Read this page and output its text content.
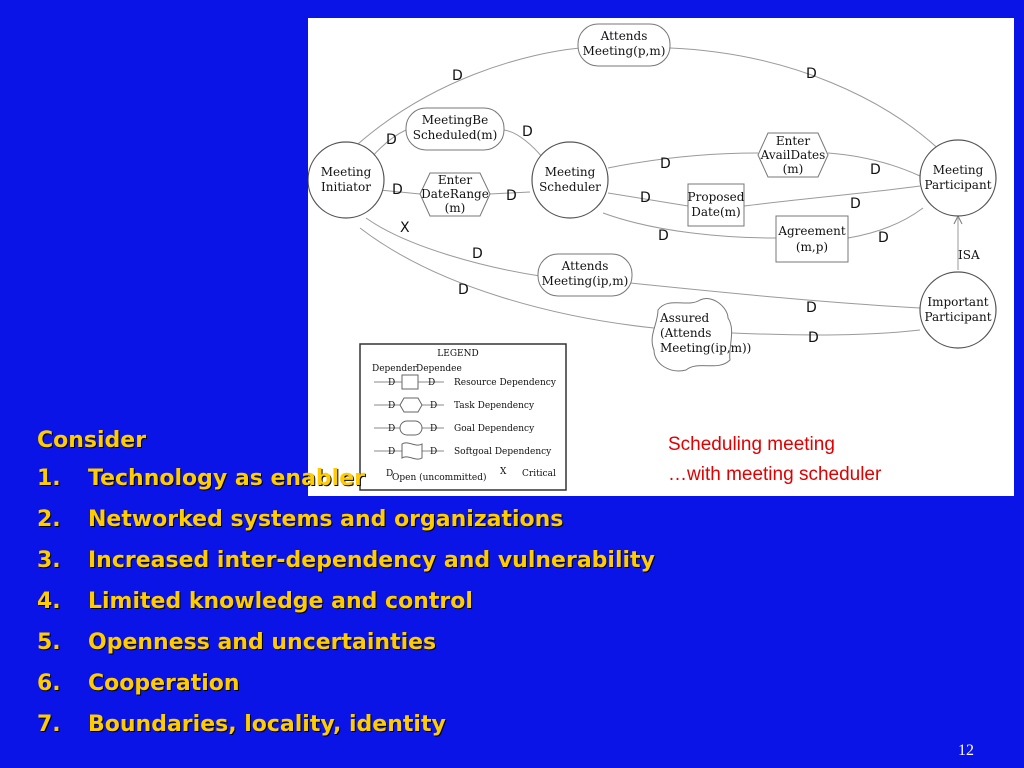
D	D
D	D
D	D
D	D
D	D
D	D
D
D
D
D
X
Meeting
Initiator
Meeting
Scheduler
Meeting
Participant
Important
Participant
ISA
Attends
Meeting(p,m)
MeetingBe
Scheduled(m)
Enter
DateRange
(m)
Enter
AvailDates
(m)
Proposed
Date(m)
Agreement
(m,p)
Attends
Meeting(ip,m)
Assured
(Attends
Meeting(ip,m))
LEGEND
Depender Dependee
D	D Resource Dependency
D	D Task Dependency
D	D Goal Dependency
D	D Softgoal Dependency
D
Open (uncommitted)
X Critical
Consider
1. Technology as enabler
2. Networked systems and organizations
3. Increased inter-dependency and vulnerability
4. Limited knowledge and control
5. Openness and uncertainties
6. Cooperation
7. Boundaries, locality, identity
Scheduling meeting
…with meeting scheduler
12
